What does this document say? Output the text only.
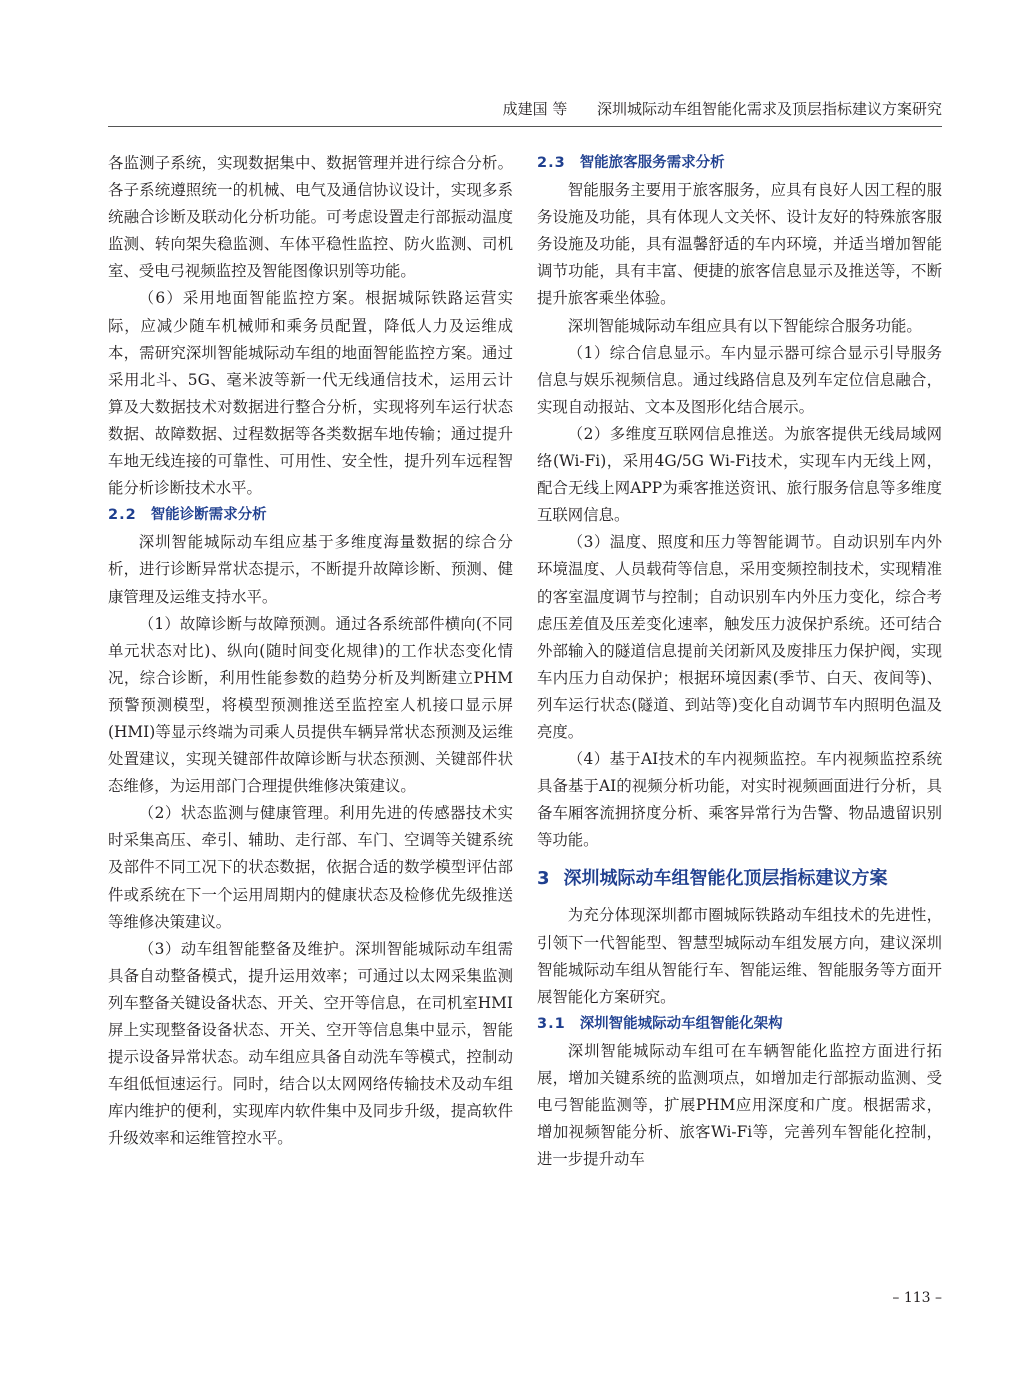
成建国 等 深圳城际动车组智能化需求及顶层指标建议方案研究

各监测子系统，实现数据集中、数据管理并进行综合分析。各子系统遵照统一的机械、电气及通信协议设计，实现多系统融合诊断及联动化分析功能。可考虑设置走行部振动温度监测、转向架失稳监测、车体平稳性监控、防火监测、司机室、受电弓视频监控及智能图像识别等功能。

（6）采用地面智能监控方案。根据城际铁路运营实际，应减少随车机械师和乘务员配置，降低人力及运维成本，需研究深圳智能城际动车组的地面智能监控方案。通过采用北斗、5G、毫米波等新一代无线通信技术，运用云计算及大数据技术对数据进行整合分析，实现将列车运行状态数据、故障数据、过程数据等各类数据车地传输；通过提升车地无线连接的可靠性、可用性、安全性，提升列车远程智能分析诊断技术水平。

2.2 智能诊断需求分析

深圳智能城际动车组应基于多维度海量数据的综合分析，进行诊断异常状态提示，不断提升故障诊断、预测、健康管理及运维支持水平。

（1）故障诊断与故障预测。通过各系统部件横向(不同单元状态对比)、纵向(随时间变化规律)的工作状态变化情况，综合诊断，利用性能参数的趋势分析及判断建立PHM预警预测模型，将模型预测推送至监控室人机接口显示屏(HMI)等显示终端为司乘人员提供车辆异常状态预测及运维处置建议，实现关键部件故障诊断与状态预测、关键部件状态维修，为运用部门合理提供维修决策建议。

（2）状态监测与健康管理。利用先进的传感器技术实时采集高压、牵引、辅助、走行部、车门、空调等关键系统及部件不同工况下的状态数据，依据合适的数学模型评估部件或系统在下一个运用周期内的健康状态及检修优先级推送等维修决策建议。

（3）动车组智能整备及维护。深圳智能城际动车组需具备自动整备模式，提升运用效率；可通过以太网采集监测列车整备关键设备状态、开关、空开等信息，在司机室HMI屏上实现整备设备状态、开关、空开等信息集中显示，智能提示设备异常状态。动车组应具备自动洗车等模式，控制动车组低恒速运行。同时，结合以太网网络传输技术及动车组库内维护的便利，实现库内软件集中及同步升级，提高软件升级效率和运维管控水平。

2.3 智能旅客服务需求分析

智能服务主要用于旅客服务，应具有良好人因工程的服务设施及功能，具有体现人文关怀、设计友好的特殊旅客服务设施及功能，具有温馨舒适的车内环境，并适当增加智能调节功能，具有丰富、便捷的旅客信息显示及推送等，不断提升旅客乘坐体验。

深圳智能城际动车组应具有以下智能综合服务功能。

（1）综合信息显示。车内显示器可综合显示引导服务信息与娱乐视频信息。通过线路信息及列车定位信息融合，实现自动报站、文本及图形化结合展示。

（2）多维度互联网信息推送。为旅客提供无线局域网络(Wi-Fi)，采用4G/5G Wi-Fi技术，实现车内无线上网，配合无线上网APP为乘客推送资讯、旅行服务信息等多维度互联网信息。

（3）温度、照度和压力等智能调节。自动识别车内外环境温度、人员载荷等信息，采用变频控制技术，实现精准的客室温度调节与控制；自动识别车内外压力变化，综合考虑压差值及压差变化速率，触发压力波保护系统。还可结合外部输入的隧道信息提前关闭新风及废排压力保护阀，实现车内压力自动保护；根据环境因素(季节、白天、夜间等)、列车运行状态(隧道、到站等)变化自动调节车内照明色温及亮度。

（4）基于AI技术的车内视频监控。车内视频监控系统具备基于AI的视频分析功能，对实时视频画面进行分析，具备车厢客流拥挤度分析、乘客异常行为告警、物品遗留识别等功能。

3 深圳城际动车组智能化顶层指标建议方案

为充分体现深圳都市圈城际铁路动车组技术的先进性，引领下一代智能型、智慧型城际动车组发展方向，建议深圳智能城际动车组从智能行车、智能运维、智能服务等方面开展智能化方案研究。

3.1 深圳智能城际动车组智能化架构

深圳智能城际动车组可在车辆智能化监控方面进行拓展，增加关键系统的监测项点，如增加走行部振动监测、受电弓智能监测等，扩展PHM应用深度和广度。根据需求，增加视频智能分析、旅客Wi-Fi等，完善列车智能化控制，进一步提升动车

– 113 –
